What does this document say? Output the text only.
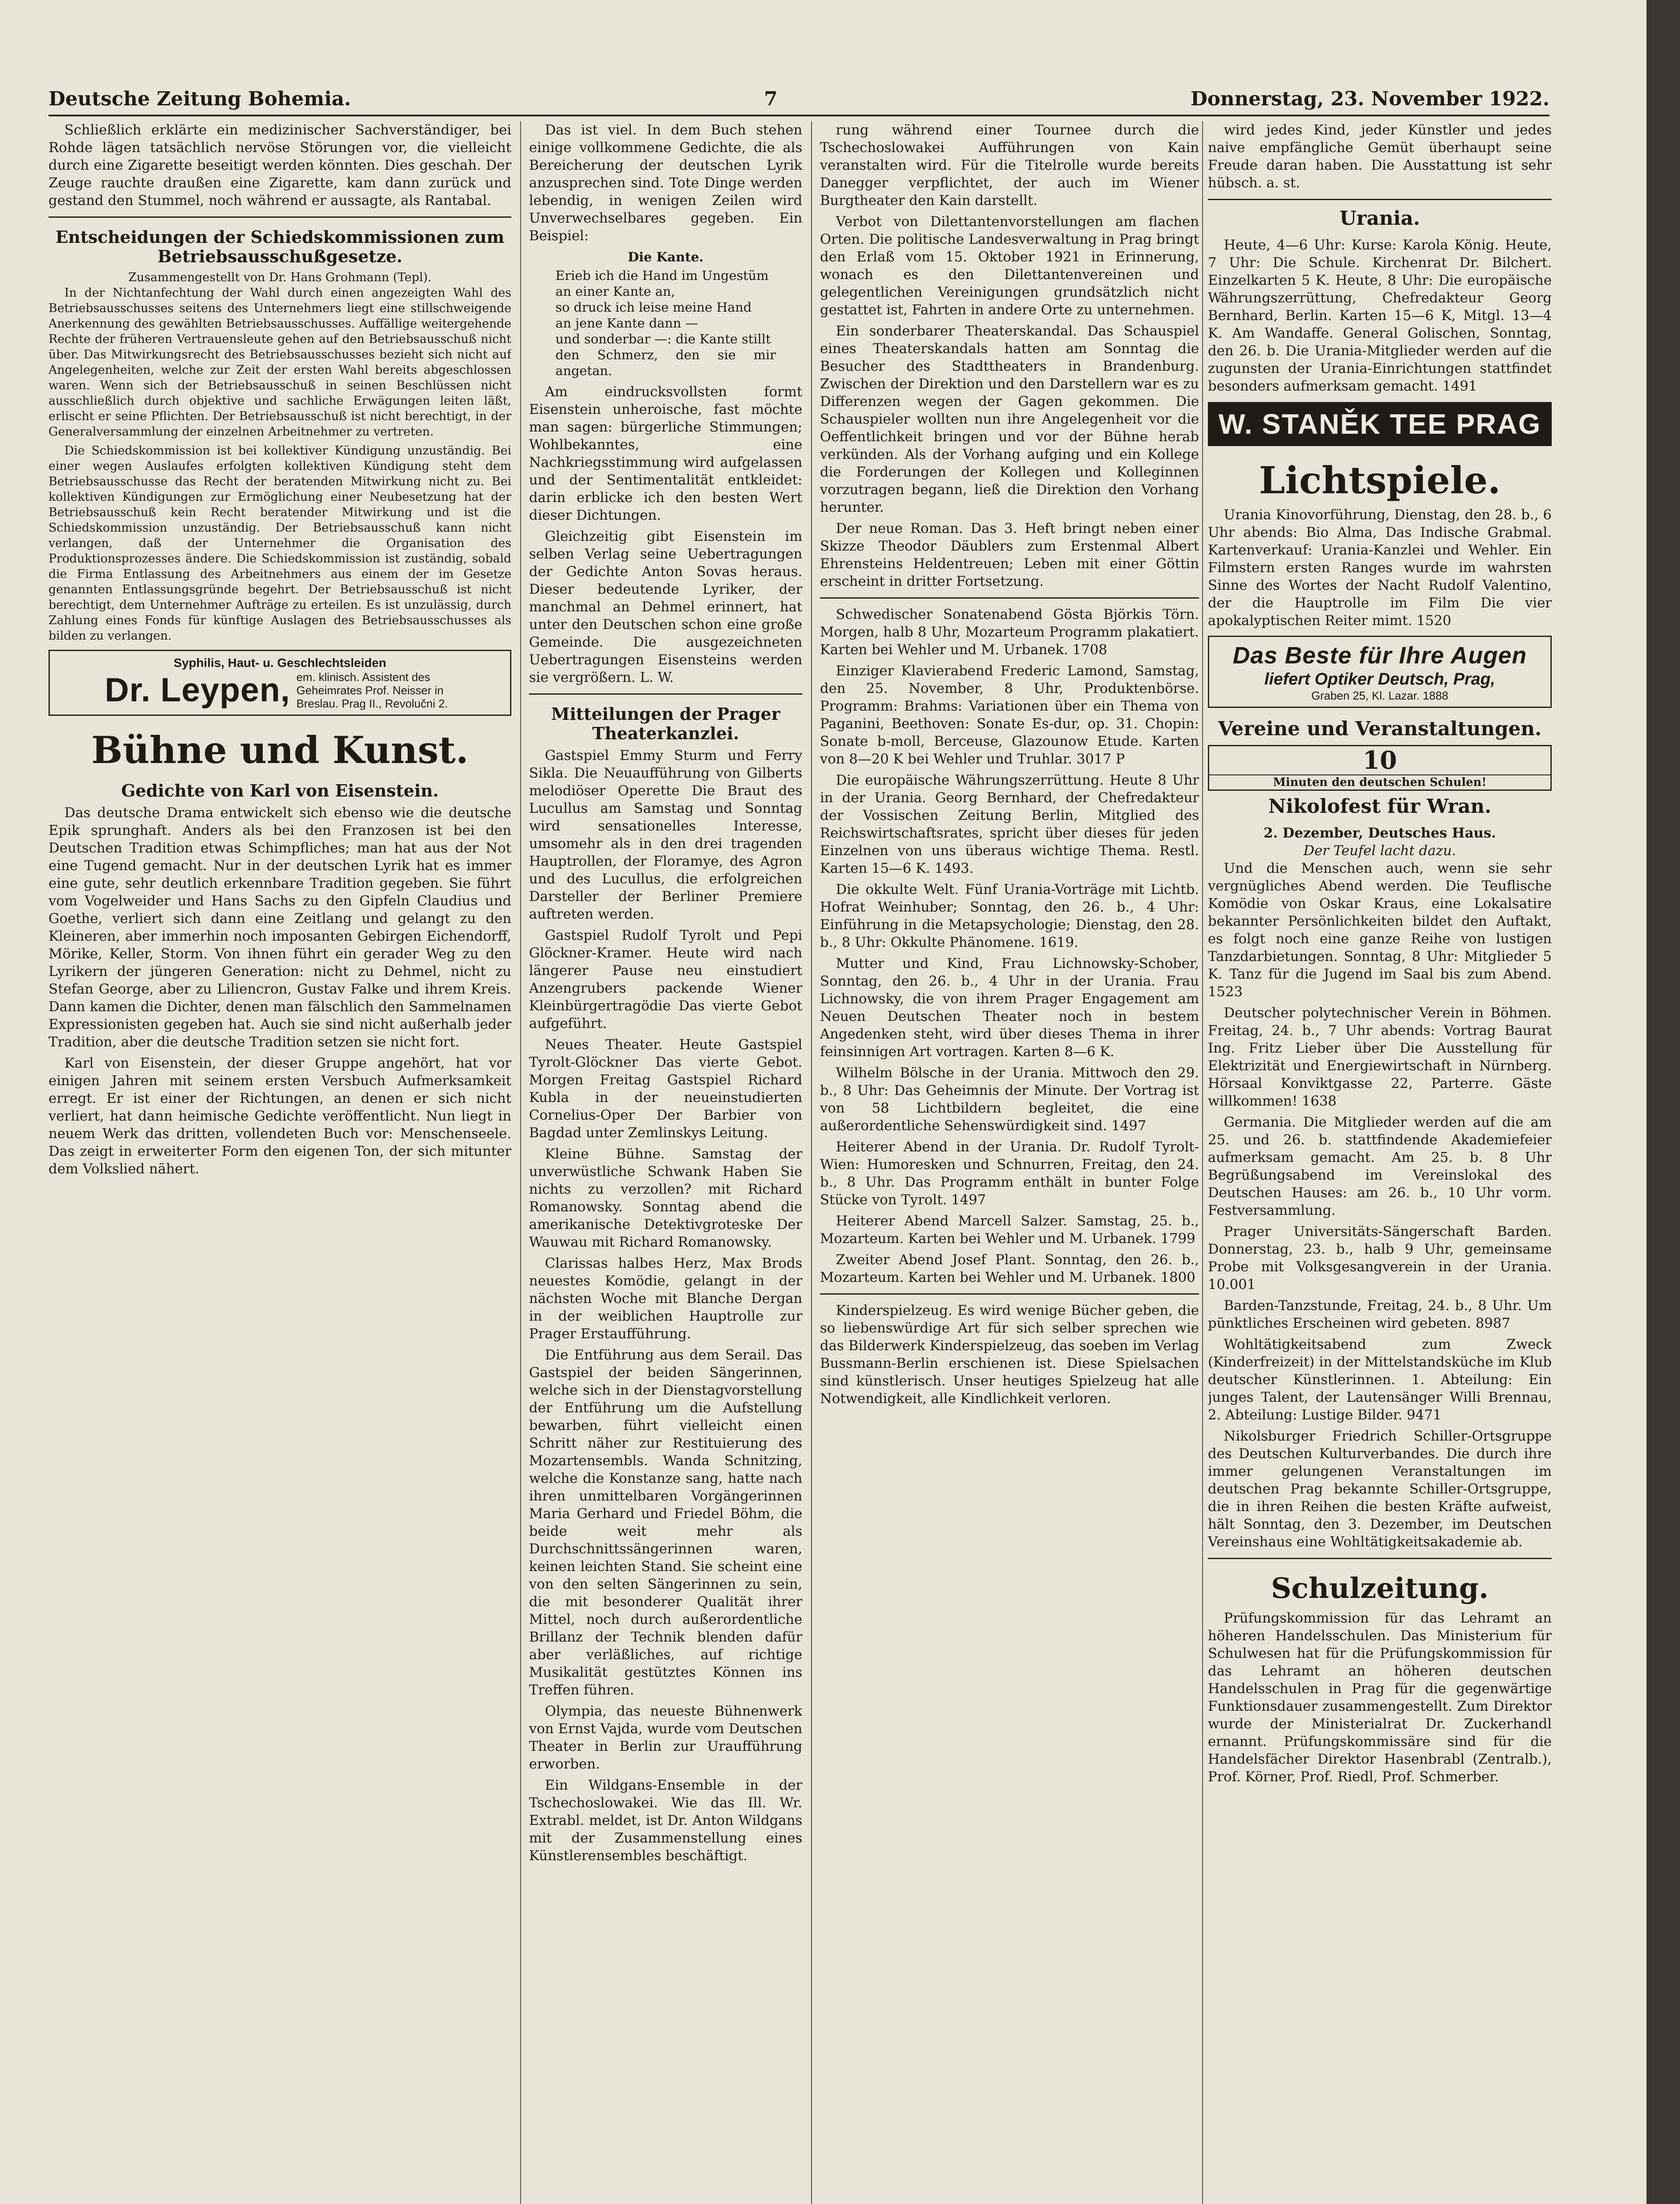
Deutsche Zeitung Bohemia.	7	Donnerstag, 23. November 1922.

Schließlich erklärte ein medizinischer Sachverständiger, bei Rohde lägen tatsächlich nervöse Störungen vor, die vielleicht durch eine Zigarette beseitigt werden könnten. Dies geschah. Der Zeuge rauchte draußen eine Zigarette, kam dann zurück und gestand den Stummel, noch während er aussagte, als Rantabal.

Entscheidungen der Schiedskommissionen zum Betriebsausschußgesetze.
Zusammengestellt von Dr. Hans Grohmann (Tepl).

In der Nichtanfechtung der Wahl durch einen angezeigten Wahl des Betriebsausschusses seitens des Unternehmers liegt eine stillschweigende Anerkennung des gewählten Betriebsausschusses. Auffällige weitergehende Rechte der früheren Vertrauensleute gehen auf den Betriebsausschuß nicht über. Das Mitwirkungsrecht des Betriebsausschusses bezieht sich nicht auf Angelegenheiten, welche zur Zeit der ersten Wahl bereits abgeschlossen waren. Wenn sich der Betriebsausschuß in seinen Beschlüssen nicht ausschließlich durch objektive und sachliche Erwägungen leiten läßt, erlischt er seine Pflichten. Der Betriebsausschuß ist nicht berechtigt, in der Generalversammlung der einzelnen Arbeitnehmer zu vertreten.

Die Schiedskommission ist bei kollektiver Kündigung unzuständig. Bei einer wegen Auslaufes erfolgten kollektiven Kündigung steht dem Betriebsausschusse das Recht der beratenden Mitwirkung nicht zu. Bei kollektiven Kündigungen zur Ermöglichung einer Neubesetzung hat der Betriebsausschuß kein Recht beratender Mitwirkung und ist die Schiedskommission unzuständig. Der Betriebsausschuß kann nicht verlangen, daß der Unternehmer die Organisation des Produktionsprozesses ändere. Die Schiedskommission ist zuständig, sobald die Firma Entlassung des Arbeitnehmers aus einem der im Gesetze genannten Entlassungsgründe begehrt. Der Betriebsausschuß ist nicht berechtigt, dem Unternehmer Aufträge zu erteilen. Es ist unzulässig, durch Zahlung eines Fonds für künftige Auslagen des Betriebsausschusses als bilden zu verlangen.

Syphilis, Haut- u. Geschlechtsleiden
Dr. Leypen, em. klinisch. Assistent des Geheimrates Prof. Neisser in Breslau. Prag II., Revolučni 2.
Bühne und Kunst.
Gedichte von Karl von Eisenstein.

Das deutsche Drama entwickelt sich ebenso wie die deutsche Epik sprunghaft. Anders als bei den Franzosen ist bei den Deutschen Tradition etwas Schimpfliches; man hat aus der Not eine Tugend gemacht. Nur in der deutschen Lyrik hat es immer eine gute, sehr deutlich erkennbare Tradition gegeben. Sie führt vom Vogelweider und Hans Sachs zu den Gipfeln Claudius und Goethe, verliert sich dann eine Zeitlang und gelangt zu den Kleineren, aber immerhin noch imposanten Gebirgen Eichendorff, Mörike, Keller, Storm. Von ihnen führt ein gerader Weg zu den Lyrikern der jüngeren Generation: nicht zu Dehmel, nicht zu Stefan George, aber zu Liliencron, Gustav Falke und ihrem Kreis. Dann kamen die Dichter, denen man fälschlich den Sammelnamen Expressionisten gegeben hat. Auch sie sind nicht außerhalb jeder Tradition, aber die deutsche Tradition setzen sie nicht fort.

Karl von Eisenstein, der dieser Gruppe angehört, hat vor einigen Jahren mit seinem ersten Versbuch Aufmerksamkeit erregt. Er ist einer der Richtungen, an denen er sich nicht verliert, hat dann heimische Gedichte veröffentlicht. Nun liegt in neuem Werk das dritten, vollendeten Buch vor: Menschenseele. Das zeigt in erweiterter Form den eigenen Ton, der sich mitunter dem Volkslied nähert.

Das ist viel. In dem Buch stehen einige vollkommene Gedichte, die als Bereicherung der deutschen Lyrik anzusprechen sind. Tote Dinge werden lebendig, in wenigen Zeilen wird Unverwechselbares gegeben. Ein Beispiel:

Die Kante.
Erieb ich die Hand im Ungestüm
an einer Kante an,
so druck ich leise meine Hand
an jene Kante dann —
und sonderbar —: die Kante stillt
den Schmerz, den sie mir angetan.

Am eindrucksvollsten formt Eisenstein unheroische, fast möchte man sagen: bürgerliche Stimmungen; Wohlbekanntes, eine Nachkriegsstimmung wird aufgelassen und der Sentimentalität entkleidet: darin erblicke ich den besten Wert dieser Dichtungen.

Gleichzeitig gibt Eisenstein im selben Verlag seine Uebertragungen der Gedichte Anton Sovas heraus. Dieser bedeutende Lyriker, der manchmal an Dehmel erinnert, hat unter den Deutschen schon eine große Gemeinde. Die ausgezeichneten Uebertragungen Eisensteins werden sie vergrößern. L. W.

Mitteilungen der Prager Theaterkanzlei.

Gastspiel Emmy Sturm und Ferry Sikla. Die Neuaufführung von Gilberts melodiöser Operette Die Braut des Lucullus am Samstag und Sonntag wird sensationelles Interesse, umsomehr als in den drei tragenden Hauptrollen, der Floramye, des Agron und des Lucullus, die erfolgreichen Darsteller der Berliner Premiere auftreten werden.

Gastspiel Rudolf Tyrolt und Pepi Glöckner-Kramer. Heute wird nach längerer Pause neu einstudiert Anzengrubers packende Wiener Kleinbürgertragödie Das vierte Gebot aufgeführt.

Neues Theater. Heute Gastspiel Tyrolt-Glöckner Das vierte Gebot. Morgen Freitag Gastspiel Richard Kubla in der neueinstudierten Cornelius-Oper Der Barbier von Bagdad unter Zemlinskys Leitung.

Kleine Bühne. Samstag der unverwüstliche Schwank Haben Sie nichts zu verzollen? mit Richard Romanowsky. Sonntag abend die amerikanische Detektivgroteske Der Wauwau mit Richard Romanowsky.

Clarissas halbes Herz, Max Brods neuestes Komödie, gelangt in der nächsten Woche mit Blanche Dergan in der weiblichen Hauptrolle zur Prager Erstaufführung.

Die Entführung aus dem Serail. Das Gastspiel der beiden Sängerinnen, welche sich in der Dienstagvorstellung der Entführung um die Aufstellung bewarben, führt vielleicht einen Schritt näher zur Restituierung des Mozartensembls. Wanda Schnitzing, welche die Konstanze sang, hatte nach ihren unmittelbaren Vorgängerinnen Maria Gerhard und Friedel Böhm, die beide weit mehr als Durchschnittssängerinnen waren, keinen leichten Stand. Sie scheint eine von den selten Sängerinnen zu sein, die mit besonderer Qualität ihrer Mittel, noch durch außerordentliche Brillanz der Technik blenden dafür aber verläßliches, auf richtige Musikalität gestütztes Können ins Treffen führen.

Olympia, das neueste Bühnenwerk von Ernst Vajda, wurde vom Deutschen Theater in Berlin zur Uraufführung erworben.

Ein Wildgans-Ensemble in der Tschechoslowakei. Wie das Ill. Wr. Extrabl. meldet, ist Dr. Anton Wildgans mit der Zusammenstellung eines Künstlerensembles beschäftigt.

rung während einer Tournee durch die Tschechoslowakei Aufführungen von Kain veranstalten wird. Für die Titelrolle wurde bereits Danegger verpflichtet, der auch im Wiener Burgtheater den Kain darstellt.

Verbot von Dilettantenvorstellungen am flachen Orten. Die politische Landesverwaltung in Prag bringt den Erlaß vom 15. Oktober 1921 in Erinnerung, wonach es den Dilettantenvereinen und gelegentlichen Vereinigungen grundsätzlich nicht gestattet ist, Fahrten in andere Orte zu unternehmen.

Ein sonderbarer Theaterskandal. Das Schauspiel eines Theaterskandals hatten am Sonntag die Besucher des Stadttheaters in Brandenburg. Zwischen der Direktion und den Darstellern war es zu Differenzen wegen der Gagen gekommen. Die Schauspieler wollten nun ihre Angelegenheit vor die Oeffentlichkeit bringen und vor der Bühne herab verkünden. Als der Vorhang aufging und ein Kollege die Forderungen der Kollegen und Kolleginnen vorzutragen begann, ließ die Direktion den Vorhang herunter.

Der neue Roman. Das 3. Heft bringt neben einer Skizze Theodor Däublers zum Erstenmal Albert Ehrensteins Heldentreuen; Leben mit einer Göttin erscheint in dritter Fortsetzung.

Schwedischer Sonatenabend Gösta Björkis Törn. Morgen, halb 8 Uhr, Mozarteum Programm plakatiert. Karten bei Wehler und M. Urbanek. 1708

Einziger Klavierabend Frederic Lamond, Samstag, den 25. November, 8 Uhr, Produktenbörse. Programm: Brahms: Variationen über ein Thema von Paganini, Beethoven: Sonate Es-dur, op. 31. Chopin: Sonate b-moll, Berceuse, Glazounow Etude. Karten von 8—20 K bei Wehler und Truhlar. 3017 P

Die europäische Währungszerrüttung. Heute 8 Uhr in der Urania. Georg Bernhard, der Chefredakteur der Vossischen Zeitung Berlin, Mitglied des Reichswirtschaftsrates, spricht über dieses für jeden Einzelnen von uns überaus wichtige Thema. Restl. Karten 15—6 K. 1493.

Die okkulte Welt. Fünf Urania-Vorträge mit Lichtb. Hofrat Weinhuber; Sonntag, den 26. b., 4 Uhr: Einführung in die Metapsychologie; Dienstag, den 28. b., 8 Uhr: Okkulte Phänomene. 1619.

Mutter und Kind, Frau Lichnowsky-Schober, Sonntag, den 26. b., 4 Uhr in der Urania. Frau Lichnowsky, die von ihrem Prager Engagement am Neuen Deutschen Theater noch in bestem Angedenken steht, wird über dieses Thema in ihrer feinsinnigen Art vortragen. Karten 8—6 K.

Wilhelm Bölsche in der Urania. Mittwoch den 29. b., 8 Uhr: Das Geheimnis der Minute. Der Vortrag ist von 58 Lichtbildern begleitet, die eine außerordentliche Sehenswürdigkeit sind. 1497

Heiterer Abend in der Urania. Dr. Rudolf Tyrolt-Wien: Humoresken und Schnurren, Freitag, den 24. b., 8 Uhr. Das Programm enthält in bunter Folge Stücke von Tyrolt. 1497

Heiterer Abend Marcell Salzer. Samstag, 25. b., Mozarteum. Karten bei Wehler und M. Urbanek. 1799

Zweiter Abend Josef Plant. Sonntag, den 26. b., Mozarteum. Karten bei Wehler und M. Urbanek. 1800

Kinderspielzeug. Es wird wenige Bücher geben, die so liebenswürdige Art für sich selber sprechen wie das Bilderwerk Kinderspielzeug, das soeben im Verlag Bussmann-Berlin erschienen ist. Diese Spielsachen sind künstlerisch. Unser heutiges Spielzeug hat alle Notwendigkeit, alle Kindlichkeit verloren.

wird jedes Kind, jeder Künstler und jedes naive empfängliche Gemüt überhaupt seine Freude daran haben. Die Ausstattung ist sehr hübsch. a. st.

Urania.

Heute, 4—6 Uhr: Kurse: Karola König. Heute, 7 Uhr: Die Schule. Kirchenrat Dr. Bilchert. Einzelkarten 5 K. Heute, 8 Uhr: Die europäische Währungszerrüttung, Chefredakteur Georg Bernhard, Berlin. Karten 15—6 K, Mitgl. 13—4 K. Am Wandaffe. General Golischen, Sonntag, den 26. b. Die Urania-Mitglieder werden auf die zugunsten der Urania-Einrichtungen stattfindet besonders aufmerksam gemacht. 1491

W. STANĚK TEE PRAG
Lichtspiele.

Urania Kinovorführung, Dienstag, den 28. b., 6 Uhr abends: Bio Alma, Das Indische Grabmal. Kartenverkauf: Urania-Kanzlei und Wehler. Ein Filmstern ersten Ranges wurde im wahrsten Sinne des Wortes der Nacht Rudolf Valentino, der die Hauptrolle im Film Die vier apokalyptischen Reiter mimt. 1520

Das Beste für Ihre Augen
liefert Optiker Deutsch, Prag,
Graben 25, Kl. Lazar. 1888
Vereine und Veranstaltungen.
10
Minuten den deutschen Schulen!
Nikolofest für Wran.
2. Dezember, Deutsches Haus.
Der Teufel lacht dazu.

Und die Menschen auch, wenn sie sehr vergnügliches Abend werden. Die Teuflische Komödie von Oskar Kraus, eine Lokalsatire bekannter Persönlichkeiten bildet den Auftakt, es folgt noch eine ganze Reihe von lustigen Tanzdarbietungen. Sonntag, 8 Uhr: Mitglieder 5 K. Tanz für die Jugend im Saal bis zum Abend. 1523

Deutscher polytechnischer Verein in Böhmen. Freitag, 24. b., 7 Uhr abends: Vortrag Baurat Ing. Fritz Lieber über Die Ausstellung für Elektrizität und Energiewirtschaft in Nürnberg. Hörsaal Konviktgasse 22, Parterre. Gäste willkommen! 1638

Germania. Die Mitglieder werden auf die am 25. und 26. b. stattfindende Akademiefeier aufmerksam gemacht. Am 25. b. 8 Uhr Begrüßungsabend im Vereinslokal des Deutschen Hauses: am 26. b., 10 Uhr vorm. Festversammlung.

Prager Universitäts-Sängerschaft Barden. Donnerstag, 23. b., halb 9 Uhr, gemeinsame Probe mit Volksgesangverein in der Urania. 10.001

Barden-Tanzstunde, Freitag, 24. b., 8 Uhr. Um pünktliches Erscheinen wird gebeten. 8987

Wohltätigkeitsabend zum Zweck (Kinderfreizeit) in der Mittelstandsküche im Klub deutscher Künstlerinnen. 1. Abteilung: Ein junges Talent, der Lautensänger Willi Brennau, 2. Abteilung: Lustige Bilder. 9471

Nikolsburger Friedrich Schiller-Ortsgruppe des Deutschen Kulturverbandes. Die durch ihre immer gelungenen Veranstaltungen im deutschen Prag bekannte Schiller-Ortsgruppe, die in ihren Reihen die besten Kräfte aufweist, hält Sonntag, den 3. Dezember, im Deutschen Vereinshaus eine Wohltätigkeitsakademie ab.

Schulzeitung.

Prüfungskommission für das Lehramt an höheren Handelsschulen. Das Ministerium für Schulwesen hat für die Prüfungskommission für das Lehramt an höheren deutschen Handelsschulen in Prag für die gegenwärtige Funktionsdauer zusammengestellt. Zum Direktor wurde der Ministerialrat Dr. Zuckerhandl ernannt. Prüfungskommissäre sind für die Handelsfächer Direktor Hasenbrabl (Zentralb.), Prof. Körner, Prof. Riedl, Prof. Schmerber.
